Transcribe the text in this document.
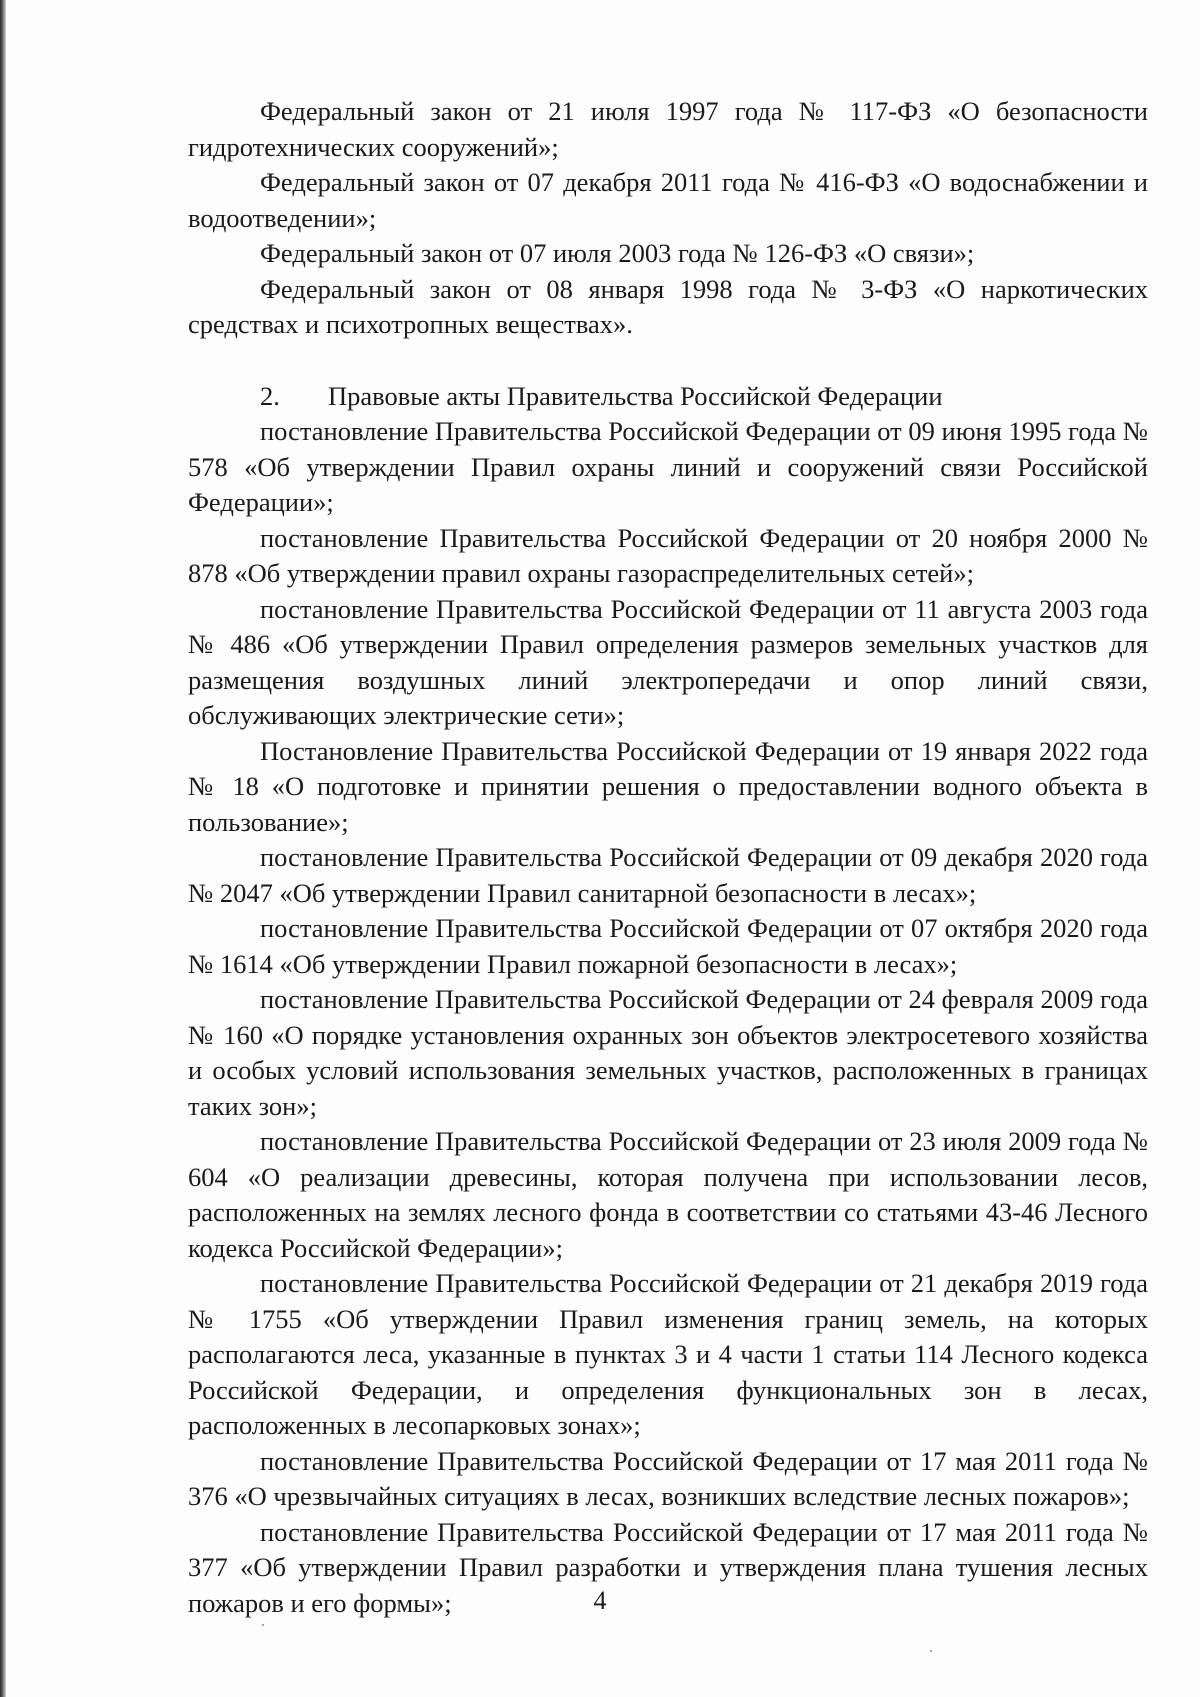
Федеральный закон от 21 июля 1997 года № 117-ФЗ «О безопасности гидротехнических сооружений»;

Федеральный закон от 07 декабря 2011 года № 416-ФЗ «О водоснабжении и водоотведении»;

Федеральный закон от 07 июля 2003 года № 126-ФЗ «О связи»;

Федеральный закон от 08 января 1998 года № 3-ФЗ «О наркотических средствах и психотропных веществах».

2. Правовые акты Правительства Российской Федерации

постановление Правительства Российской Федерации от 09 июня 1995 года № 578 «Об утверждении Правил охраны линий и сооружений связи Российской Федерации»;

постановление Правительства Российской Федерации от 20 ноября 2000 № 878 «Об утверждении правил охраны газораспределительных сетей»;

постановление Правительства Российской Федерации от 11 августа 2003 года № 486 «Об утверждении Правил определения размеров земельных участков для размещения воздушных линий электропередачи и опор линий связи, обслуживающих электрические сети»;

Постановление Правительства Российской Федерации от 19 января 2022 года № 18 «О подготовке и принятии решения о предоставлении водного объекта в пользование»;

постановление Правительства Российской Федерации от 09 декабря 2020 года № 2047 «Об утверждении Правил санитарной безопасности в лесах»;

постановление Правительства Российской Федерации от 07 октября 2020 года № 1614 «Об утверждении Правил пожарной безопасности в лесах»;

постановление Правительства Российской Федерации от 24 февраля 2009 года № 160 «О порядке установления охранных зон объектов электросетевого хозяйства и особых условий использования земельных участков, расположенных в границах таких зон»;

постановление Правительства Российской Федерации от 23 июля 2009 года № 604 «О реализации древесины, которая получена при использовании лесов, расположенных на землях лесного фонда в соответствии со статьями 43-46 Лесного кодекса Российской Федерации»;

постановление Правительства Российской Федерации от 21 декабря 2019 года № 1755 «Об утверждении Правил изменения границ земель, на которых располагаются леса, указанные в пунктах 3 и 4 части 1 статьи 114 Лесного кодекса Российской Федерации, и определения функциональных зон в лесах, расположенных в лесопарковых зонах»;

постановление Правительства Российской Федерации от 17 мая 2011 года № 376 «О чрезвычайных ситуациях в лесах, возникших вследствие лесных пожаров»;

постановление Правительства Российской Федерации от 17 мая 2011 года № 377 «Об утверждении Правил разработки и утверждения плана тушения лесных пожаров и его формы»;	4
